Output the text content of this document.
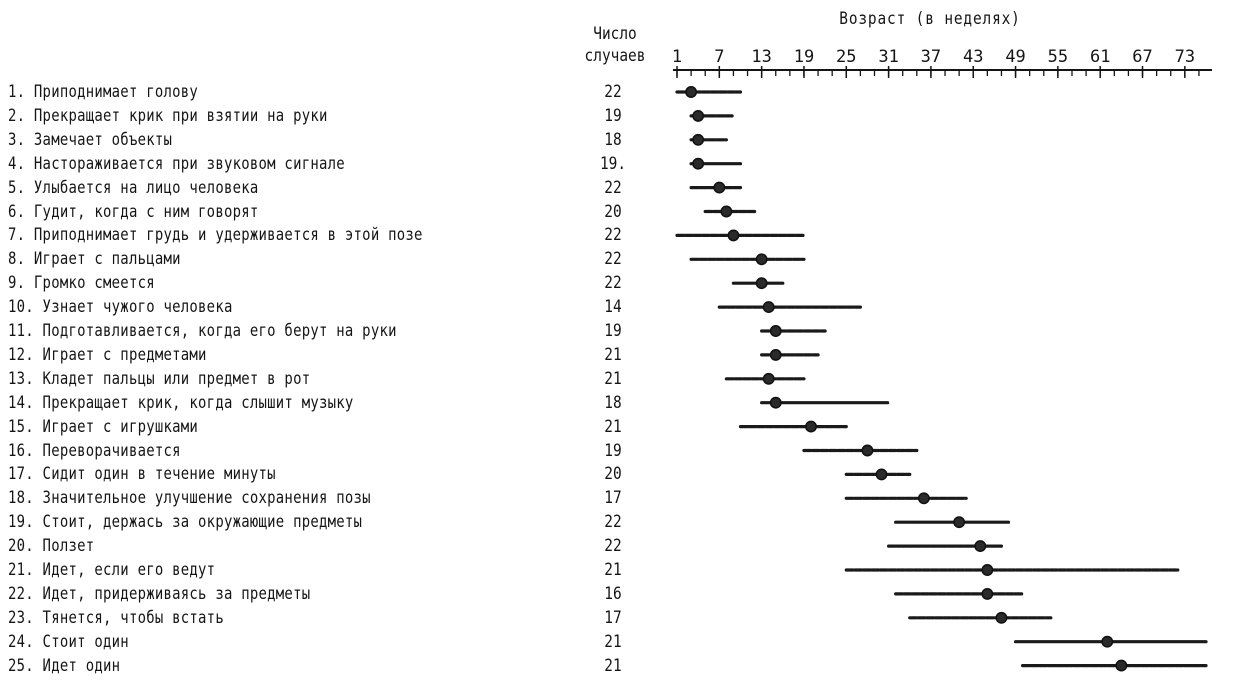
Возраст (в неделях)
Число
случаев
1. Приподнимает голову	22
2. Прекращает крик при взятии на руки	19
3. Замечает объекты	18
4. Настораживается при звуковом сигнале	19.
5. Улыбается на лицо человека	22
6. Гудит, когда с ним говорят	20
7. Приподнимает грудь и удерживается в этой позе	22
8. Играет с пальцами	22
9. Громко смеется	22
10. Узнает чужого человека	14
11. Подготавливается, когда его берут на руки	19
12. Играет с предметами	21
13. Кладет пальцы или предмет в рот	21
14. Прекращает крик, когда слышит музыку	18
15. Играет с игрушками	21
16. Переворачивается	19
17. Сидит один в течение минуты	20
18. Значительное улучшение сохранения позы	17
19. Стоит, держась за окружающие предметы	22
20. Ползет	22
21. Идет, если его ведут	21
22. Идет, придерживаясь за предметы	16
23. Тянется, чтобы встать	17
24. Стоит один	21
25. Идет один	21
1 7 13 19 25 31 37 43 49 55 61 67 73
